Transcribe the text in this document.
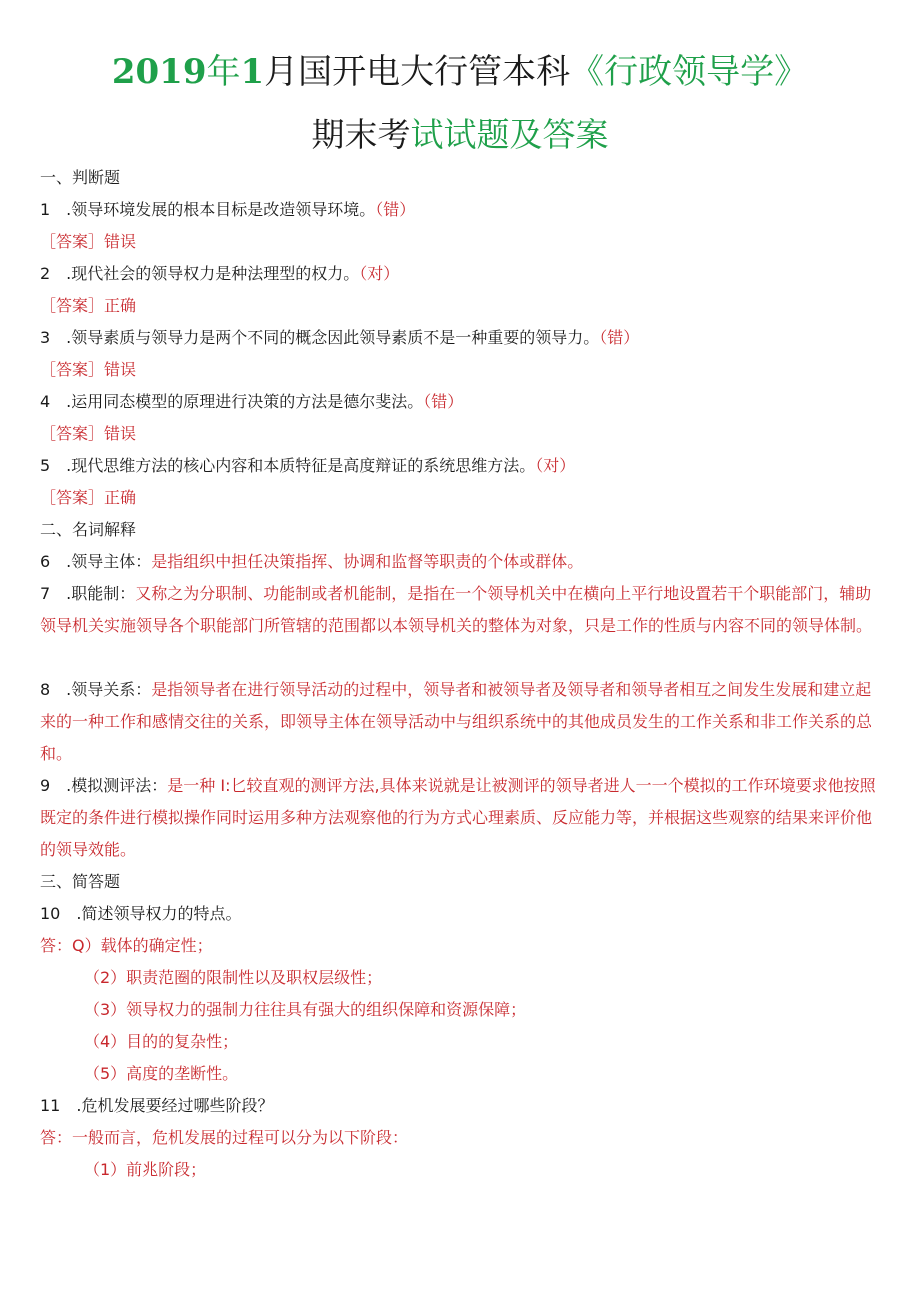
2019年1月国开电大行管本科《行政领导学》
期末考试试题及答案
一、判断题
1　.领导环境发展的根本目标是改造领导环境。（错）
［答案］错误
2　.现代社会的领导权力是种法理型的权力。（对）
［答案］正确
3　.领导素质与领导力是两个不同的概念因此领导素质不是一种重要的领导力。（错）
［答案］错误
4　.运用同态模型的原理进行决策的方法是德尔斐法。（错）
［答案］错误
5　.现代思维方法的核心内容和本质特征是高度辩证的系统思维方法。（对）
［答案］正确
二、名词解释
6　.领导主体：是指组织中担任决策指挥、协调和监督等职责的个体或群体。
7　.职能制：又称之为分职制、功能制或者机能制，是指在一个领导机关中在横向上平行地设置若干个职能部门，辅助领导机关实施领导各个职能部门所管辖的范围都以本领导机关的整体为对象，只是工作的性质与内容不同的领导体制。
8　.领导关系：是指领导者在进行领导活动的过程中，领导者和被领导者及领导者和领导者相互之间发生发展和建立起来的一种工作和感情交往的关系，即领导主体在领导活动中与组织系统中的其他成员发生的工作关系和非工作关系的总和。
9　.模拟测评法：是一种 I:匕较直观的测评方法,具体来说就是让被测评的领导者进人一一个模拟的工作环境要求他按照既定的条件进行模拟操作同时运用多种方法观察他的行为方式心理素质、反应能力等，并根据这些观察的结果来评价他的领导效能。
三、简答题
10　.简述领导权力的特点。
答：Q）载体的确定性；
（2）职责范圈的限制性以及职权层级性；
（3）领导权力的强制力往往具有强大的组织保障和资源保障；
（4）目的的复杂性；
（5）高度的垄断性。
11　.危机发展要经过哪些阶段？
答：一般而言，危机发展的过程可以分为以下阶段：
（1）前兆阶段；
